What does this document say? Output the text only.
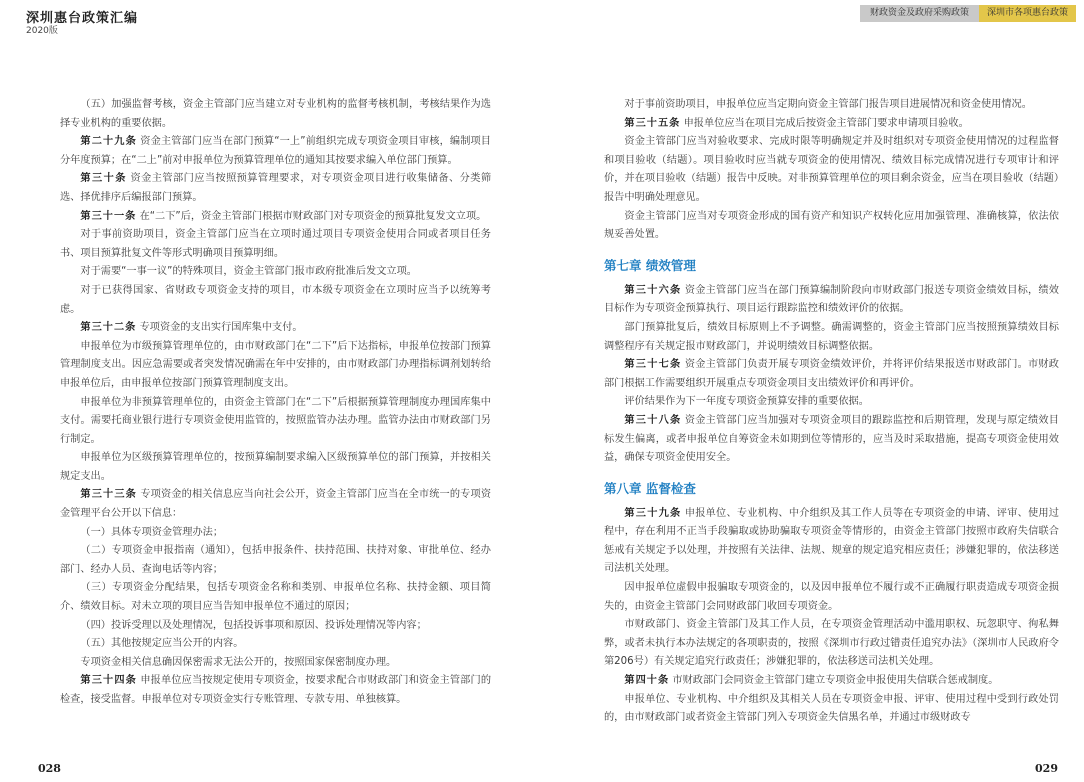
深圳惠台政策汇编
2020版
财政资金及政府采购政策	深圳市各项惠台政策

（五）加强监督考核，资金主管部门应当建立对专业机构的监督考核机制，考核结果作为选择专业机构的重要依据。

第二十九条 资金主管部门应当在部门预算“一上”前组织完成专项资金项目审核，编制项目分年度预算；在“二上”前对申报单位为预算管理单位的通知其按要求编入单位部门预算。

第三十条 资金主管部门应当按照预算管理要求，对专项资金项目进行收集储备、分类筛选、择优排序后编报部门预算。

第三十一条 在“二下”后，资金主管部门根据市财政部门对专项资金的预算批复发文立项。

对于事前资助项目，资金主管部门应当在立项时通过项目专项资金使用合同或者项目任务书、项目预算批复文件等形式明确项目预算明细。

对于需要“一事一议”的特殊项目，资金主管部门报市政府批准后发文立项。

对于已获得国家、省财政专项资金支持的项目，市本级专项资金在立项时应当予以统筹考虑。

第三十二条 专项资金的支出实行国库集中支付。

申报单位为市级预算管理单位的，由市财政部门在“二下”后下达指标，申报单位按部门预算管理制度支出。因应急需要或者突发情况确需在年中安排的，由市财政部门办理指标调剂划转给申报单位后，由申报单位按部门预算管理制度支出。

申报单位为非预算管理单位的，由资金主管部门在“二下”后根据预算管理制度办理国库集中支付。需要托商业银行进行专项资金使用监管的，按照监管办法办理。监管办法由市财政部门另行制定。

申报单位为区级预算管理单位的，按预算编制要求编入区级预算单位的部门预算，并按相关规定支出。

第三十三条 专项资金的相关信息应当向社会公开，资金主管部门应当在全市统一的专项资金管理平台公开以下信息：

（一）具体专项资金管理办法；

（二）专项资金申报指南（通知），包括申报条件、扶持范围、扶持对象、审批单位、经办部门、经办人员、查询电话等内容；

（三）专项资金分配结果，包括专项资金名称和类别、申报单位名称、扶持金额、项目简介、绩效目标。对未立项的项目应当告知申报单位不通过的原因；

（四）投诉受理以及处理情况，包括投诉事项和原因、投诉处理情况等内容；

（五）其他按规定应当公开的内容。

专项资金相关信息确因保密需求无法公开的，按照国家保密制度办理。

第三十四条 申报单位应当按规定使用专项资金，按要求配合市财政部门和资金主管部门的检查，接受监督。申报单位对专项资金实行专账管理、专款专用、单独核算。

对于事前资助项目，申报单位应当定期向资金主管部门报告项目进展情况和资金使用情况。

第三十五条 申报单位应当在项目完成后按资金主管部门要求申请项目验收。

资金主管部门应当对验收要求、完成时限等明确规定并及时组织对专项资金使用情况的过程监督和项目验收（结题）。项目验收时应当就专项资金的使用情况、绩效目标完成情况进行专项审计和评价，并在项目验收（结题）报告中反映。对非预算管理单位的项目剩余资金，应当在项目验收（结题）报告中明确处理意见。

资金主管部门应当对专项资金形成的国有资产和知识产权转化应用加强管理、准确核算，依法依规妥善处置。

第七章 绩效管理

第三十六条 资金主管部门应当在部门预算编制阶段向市财政部门报送专项资金绩效目标，绩效目标作为专项资金预算执行、项目运行跟踪监控和绩效评价的依据。

部门预算批复后，绩效目标原则上不予调整。确需调整的，资金主管部门应当按照预算绩效目标调整程序有关规定报市财政部门，并说明绩效目标调整依据。

第三十七条 资金主管部门负责开展专项资金绩效评价，并将评价结果报送市财政部门。市财政部门根据工作需要组织开展重点专项资金项目支出绩效评价和再评价。

评价结果作为下一年度专项资金预算安排的重要依据。

第三十八条 资金主管部门应当加强对专项资金项目的跟踪监控和后期管理，发现与原定绩效目标发生偏离，或者申报单位自筹资金未如期到位等情形的，应当及时采取措施，提高专项资金使用效益，确保专项资金使用安全。

第八章 监督检查

第三十九条 申报单位、专业机构、中介组织及其工作人员等在专项资金的申请、评审、使用过程中，存在利用不正当手段骗取或协助骗取专项资金等情形的，由资金主管部门按照市政府失信联合惩戒有关规定予以处理，并按照有关法律、法规、规章的规定追究相应责任；涉嫌犯罪的，依法移送司法机关处理。

因申报单位虚假申报骗取专项资金的，以及因申报单位不履行或不正确履行职责造成专项资金损失的，由资金主管部门会同财政部门收回专项资金。

市财政部门、资金主管部门及其工作人员，在专项资金管理活动中滥用职权、玩忽职守、徇私舞弊，或者未执行本办法规定的各项职责的，按照《深圳市行政过错责任追究办法》（深圳市人民政府令第206号）有关规定追究行政责任；涉嫌犯罪的，依法移送司法机关处理。

第四十条 市财政部门会同资金主管部门建立专项资金申报使用失信联合惩戒制度。

申报单位、专业机构、中介组织及其相关人员在专项资金申报、评审、使用过程中受到行政处罚的，由市财政部门或者资金主管部门列入专项资金失信黑名单，并通过市级财政专

028	029
